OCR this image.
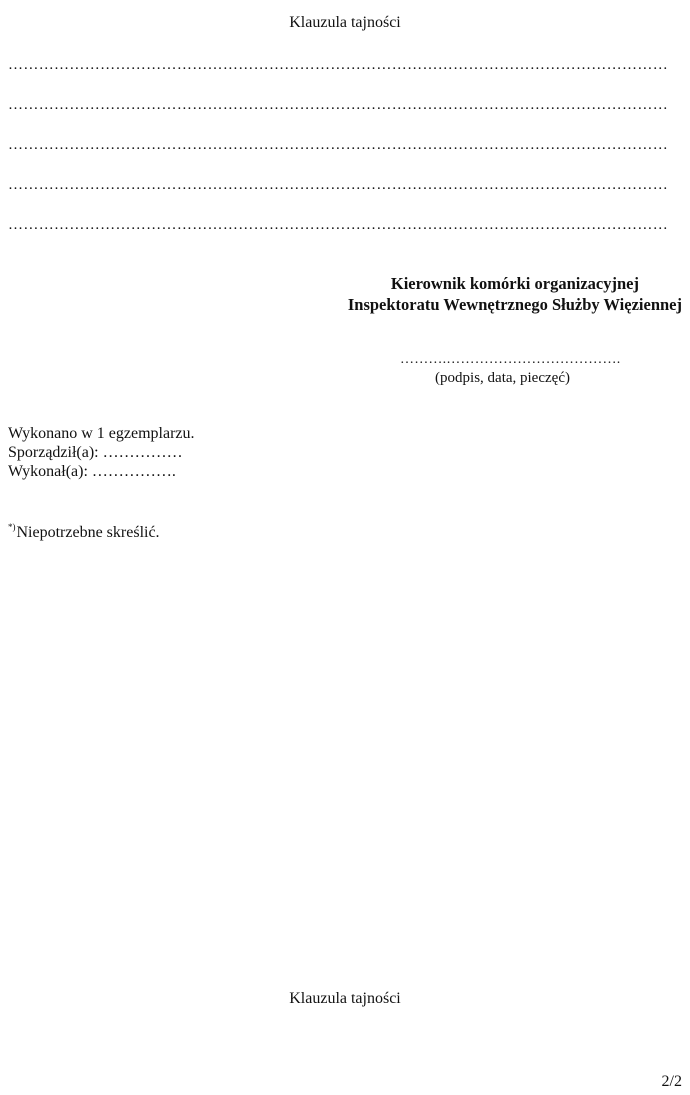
Klauzula tajności
…………………………………………………………………………………………………………………
…………………………………………………………………………………………………………………
…………………………………………………………………………………………………………………
…………………………………………………………………………………………………………………
…………………………………………………………………………………………………………………
Kierownik komórki organizacyjnej
Inspektoratu Wewnętrznego Służby Więziennej
……….……………………………….
(podpis, data, pieczęć)
Wykonano w 1 egzemplarzu.
Sporządził(a): ……………
Wykonał(a): …………….
*)Niepotrzebne skreślić.
Klauzula tajności
2/2
